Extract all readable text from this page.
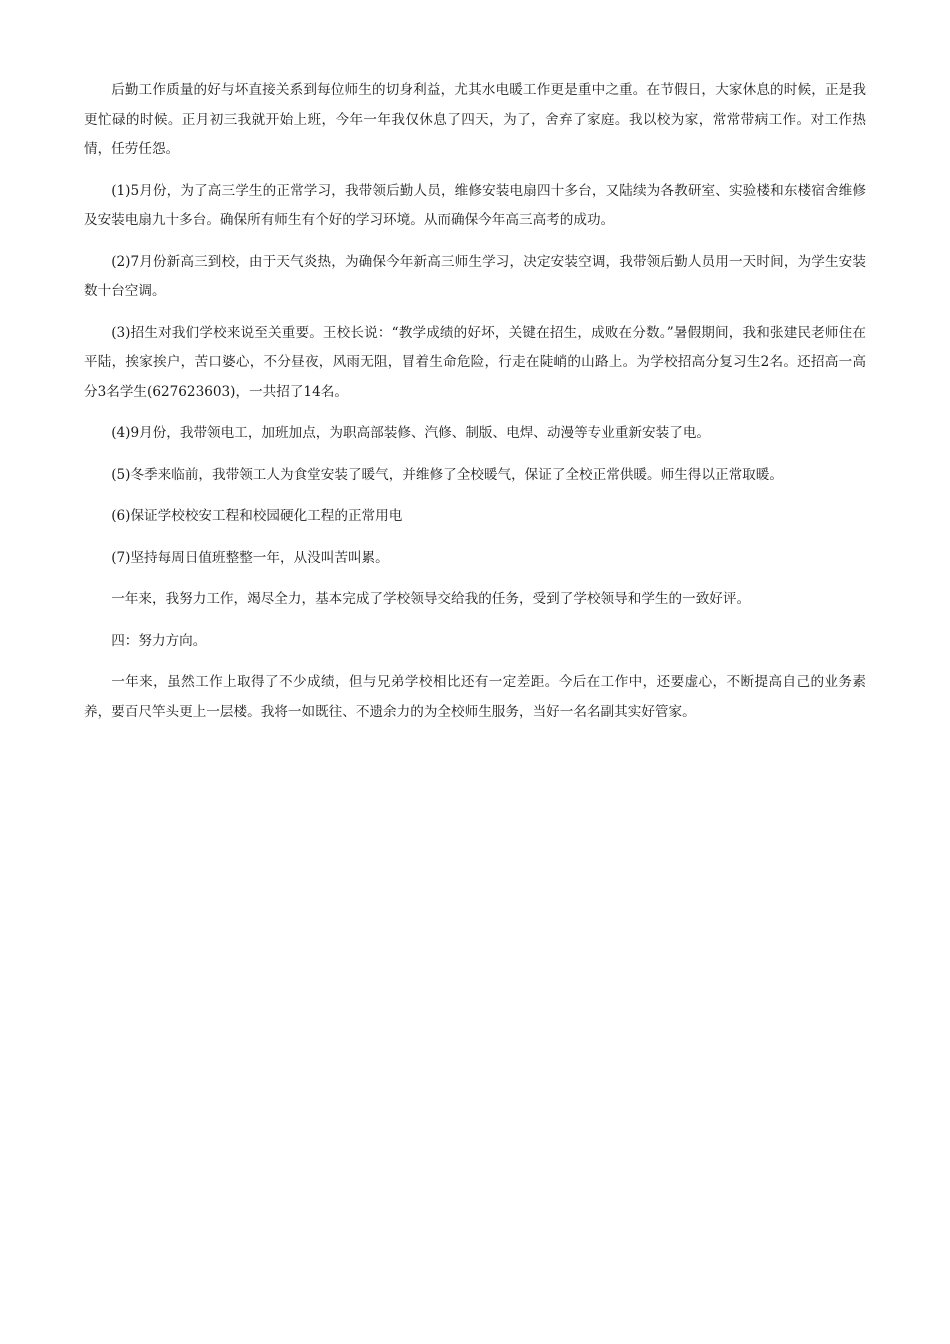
后勤工作质量的好与坏直接关系到每位师生的切身利益，尤其水电暖工作更是重中之重。在节假日，大家休息的时候，正是我更忙碌的时候。正月初三我就开始上班，今年一年我仅休息了四天，为了，舍弃了家庭。我以校为家，常常带病工作。对工作热情，任劳任怨。

(1)5月份，为了高三学生的正常学习，我带领后勤人员，维修安装电扇四十多台，又陆续为各教研室、实验楼和东楼宿舍维修及安装电扇九十多台。确保所有师生有个好的学习环境。从而确保今年高三高考的成功。

(2)7月份新高三到校，由于天气炎热，为确保今年新高三师生学习，决定安装空调，我带领后勤人员用一天时间，为学生安装数十台空调。

(3)招生对我们学校来说至关重要。王校长说：“教学成绩的好坏，关键在招生，成败在分数。”暑假期间，我和张建民老师住在平陆，挨家挨户，苦口婆心，不分昼夜，风雨无阻，冒着生命危险，行走在陡峭的山路上。为学校招高分复习生2名。还招高一高分3名学生(627623603)，一共招了14名。

(4)9月份，我带领电工，加班加点，为职高部装修、汽修、制版、电焊、动漫等专业重新安装了电。

(5)冬季来临前，我带领工人为食堂安装了暖气，并维修了全校暖气，保证了全校正常供暖。师生得以正常取暖。

(6)保证学校校安工程和校园硬化工程的正常用电

(7)坚持每周日值班整整一年，从没叫苦叫累。

一年来，我努力工作，竭尽全力，基本完成了学校领导交给我的任务，受到了学校领导和学生的一致好评。

四：努力方向。

一年来，虽然工作上取得了不少成绩，但与兄弟学校相比还有一定差距。今后在工作中，还要虚心，不断提高自己的业务素养，要百尺竿头更上一层楼。我将一如既往、不遗余力的为全校师生服务，当好一名名副其实好管家。
